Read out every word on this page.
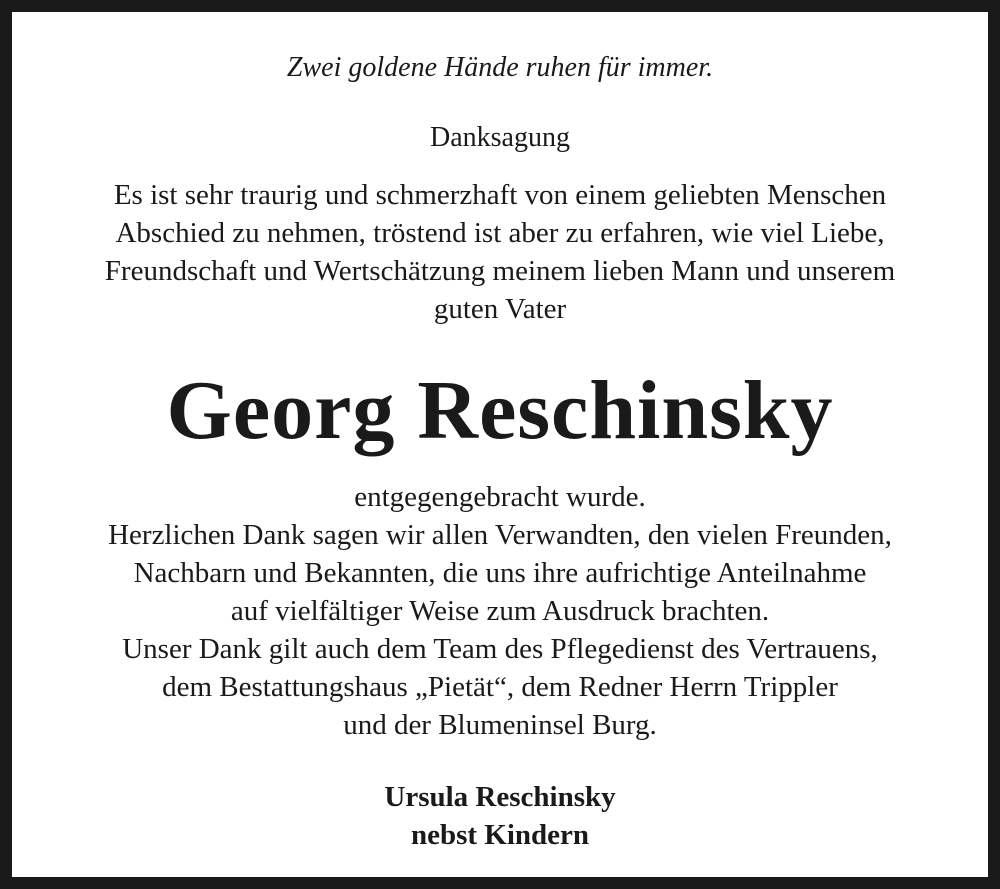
Zwei goldene Hände ruhen für immer.
Danksagung
Es ist sehr traurig und schmerzhaft von einem geliebten Menschen
Abschied zu nehmen, tröstend ist aber zu erfahren, wie viel Liebe,
Freundschaft und Wertschätzung meinem lieben Mann und unserem
guten Vater
Georg Reschinsky
entgegengebracht wurde.
Herzlichen Dank sagen wir allen Verwandten, den vielen Freunden,
Nachbarn und Bekannten, die uns ihre aufrichtige Anteilnahme
auf vielfältiger Weise zum Ausdruck brachten.
Unser Dank gilt auch dem Team des Pflegedienst des Vertrauens,
dem Bestattungshaus „Pietät“, dem Redner Herrn Trippler
und der Blumeninsel Burg.
Ursula Reschinsky
nebst Kindern
